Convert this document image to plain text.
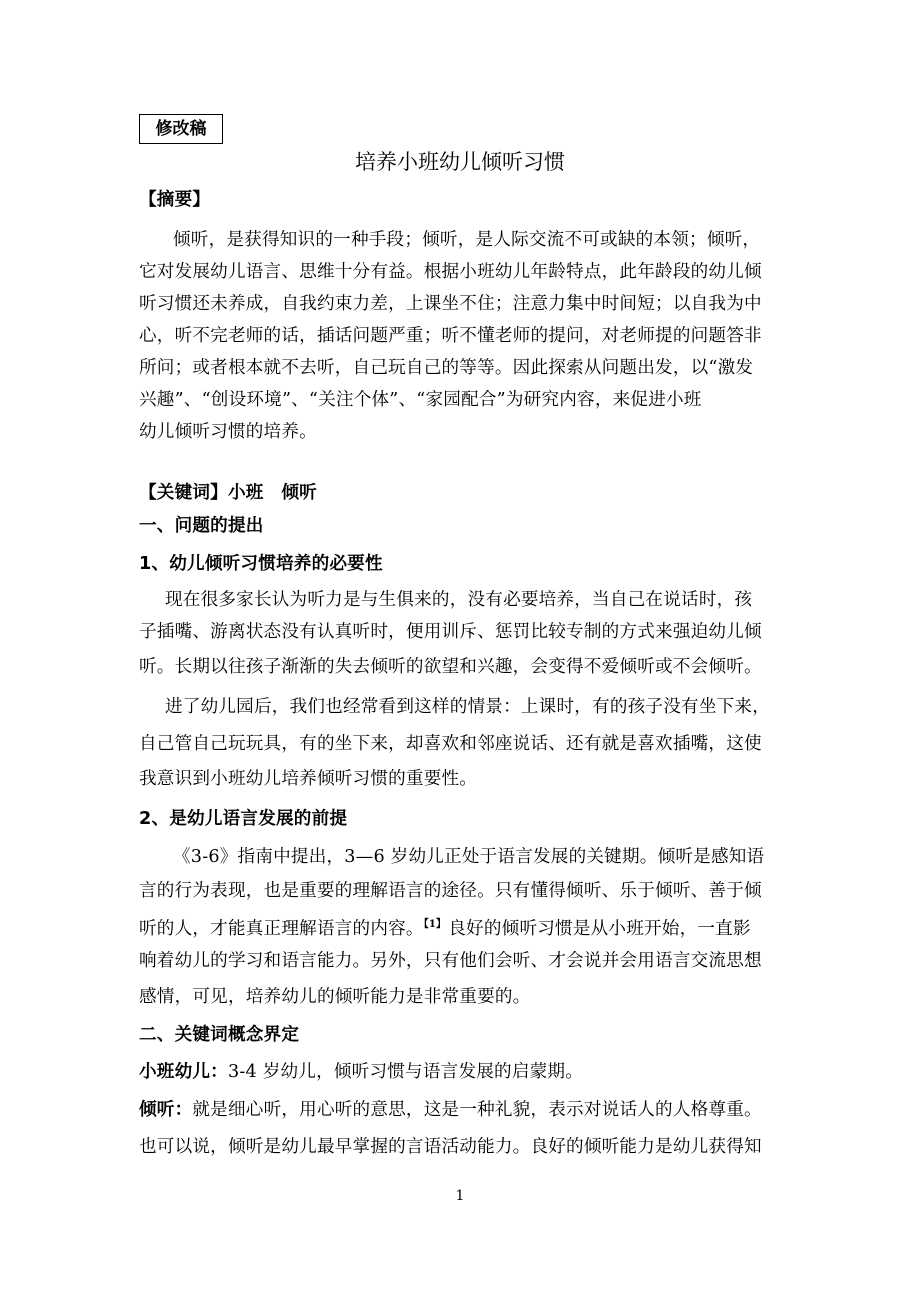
修改稿
培养小班幼儿倾听习惯
【摘要】
倾听，是获得知识的一种手段；倾听，是人际交流不可或缺的本领；倾听，
它对发展幼儿语言、思维十分有益。根据小班幼儿年龄特点，此年龄段的幼儿倾
听习惯还未养成，自我约束力差，上课坐不住；注意力集中时间短；以自我为中
心，听不完老师的话，插话问题严重；听不懂老师的提问，对老师提的问题答非
所问；或者根本就不去听，自己玩自己的等等。因此探索从问题出发，以“激发
兴趣”、“创设环境”、“关注个体”、“家园配合”为研究内容，来促进小班
幼儿倾听习惯的培养。
【关键词】小班　倾听
一、问题的提出
1、幼儿倾听习惯培养的必要性
现在很多家长认为听力是与生俱来的，没有必要培养，当自己在说话时，孩
子插嘴、游离状态没有认真听时，便用训斥、惩罚比较专制的方式来强迫幼儿倾
听。长期以往孩子渐渐的失去倾听的欲望和兴趣，会变得不爱倾听或不会倾听。
进了幼儿园后，我们也经常看到这样的情景：上课时，有的孩子没有坐下来，
自己管自己玩玩具，有的坐下来，却喜欢和邻座说话、还有就是喜欢插嘴，这使
我意识到小班幼儿培养倾听习惯的重要性。
2、是幼儿语言发展的前提
《3-6》指南中提出，3—6 岁幼儿正处于语言发展的关键期。倾听是感知语
言的行为表现，也是重要的理解语言的途径。只有懂得倾听、乐于倾听、善于倾
听的人，才能真正理解语言的内容。$^{【1】}$ 良好的倾听习惯是从小班开始，一直影
响着幼儿的学习和语言能力。另外，只有他们会听、才会说并会用语言交流思想
感情，可见，培养幼儿的倾听能力是非常重要的。
二、关键词概念界定
小班幼儿：3-4 岁幼儿，倾听习惯与语言发展的启蒙期。
倾听：就是细心听，用心听的意思，这是一种礼貌，表示对说话人的人格尊重。
也可以说，倾听是幼儿最早掌握的言语活动能力。良好的倾听能力是幼儿获得知
1
